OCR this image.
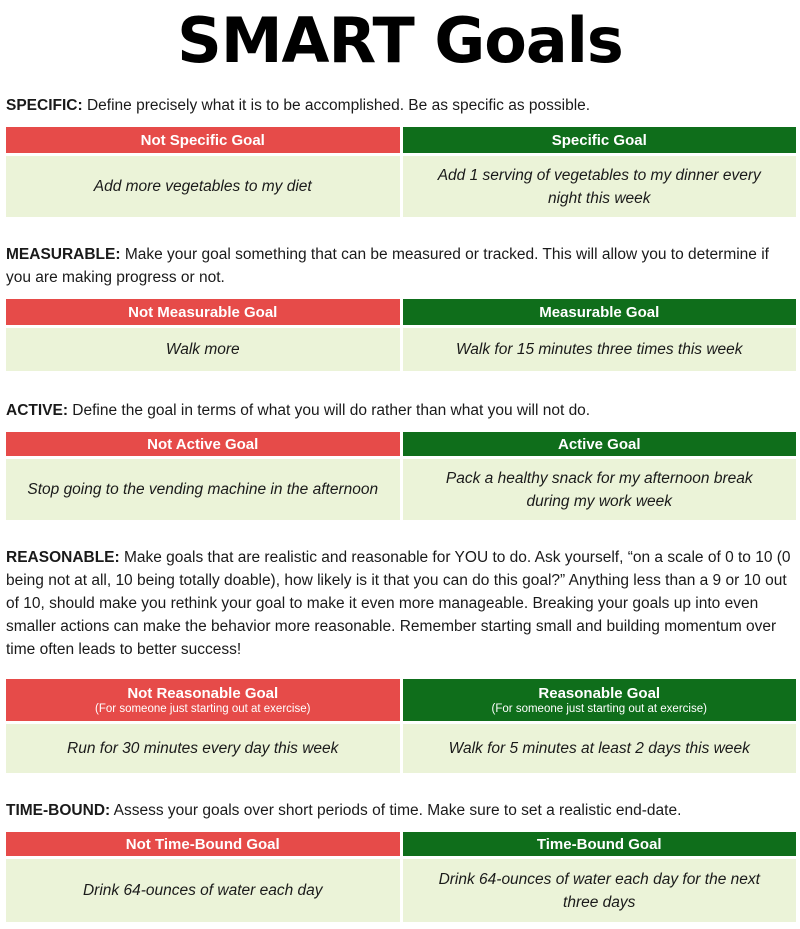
SMART Goals

SPECIFIC: Define precisely what it is to be accomplished. Be as specific as possible.

Not Specific Goal
Add more vegetables to my diet
Specific Goal
Add 1 serving of vegetables to my dinner every night this week

MEASURABLE: Make your goal something that can be measured or tracked. This will allow you to determine if you are making progress or not.

Not Measurable Goal
Walk more
Measurable Goal
Walk for 15 minutes three times this week

ACTIVE: Define the goal in terms of what you will do rather than what you will not do.

Not Active Goal
Stop going to the vending machine in the afternoon
Active Goal
Pack a healthy snack for my afternoon break during my work week

REASONABLE: Make goals that are realistic and reasonable for YOU to do. Ask yourself, “on a scale of 0 to 10 (0 being not at all, 10 being totally doable), how likely is it that you can do this goal?” Anything less than a 9 or 10 out of 10, should make you rethink your goal to make it even more manageable. Breaking your goals up into even smaller actions can make the behavior more reasonable. Remember starting small and building momentum over time often leads to better success!

Not Reasonable Goal
(For someone just starting out at exercise)
Run for 30 minutes every day this week
Reasonable Goal
(For someone just starting out at exercise)
Walk for 5 minutes at least 2 days this week

TIME-BOUND: Assess your goals over short periods of time. Make sure to set a realistic end-date.

Not Time-Bound Goal
Drink 64-ounces of water each day
Time-Bound Goal
Drink 64-ounces of water each day for the next three days
